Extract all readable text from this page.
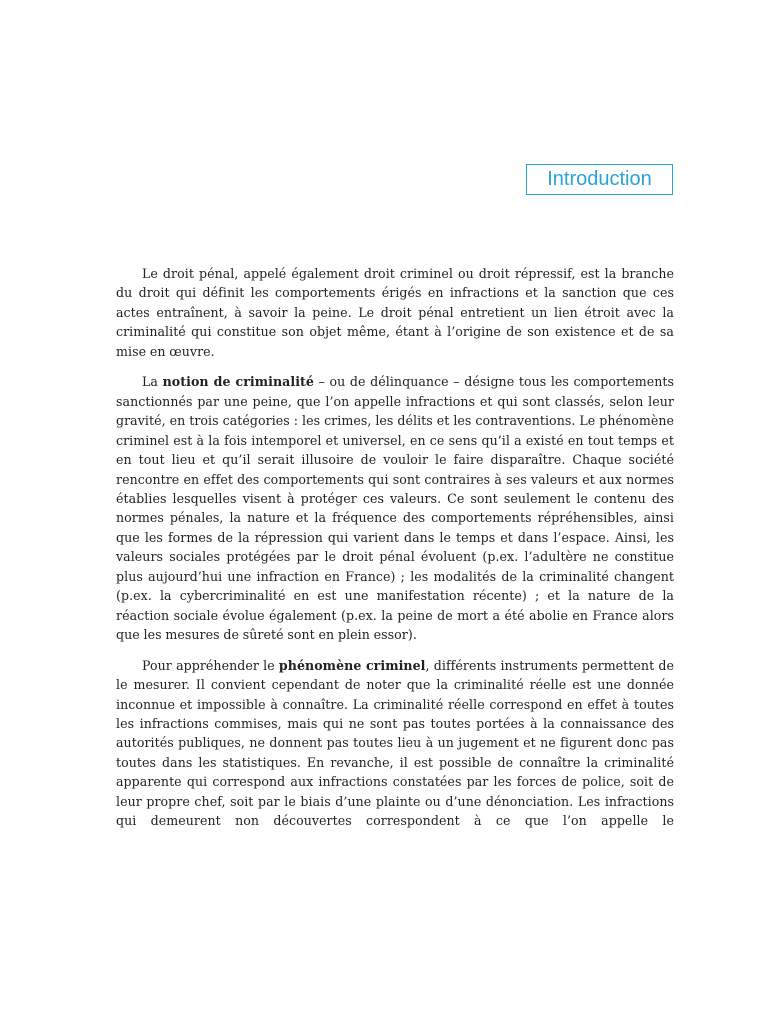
Introduction

Le droit pénal, appelé également droit criminel ou droit répressif, est la branche du droit qui définit les comportements érigés en infractions et la sanction que ces actes entraînent, à savoir la peine. Le droit pénal entretient un lien étroit avec la criminalité qui constitue son objet même, étant à l’origine de son existence et de sa mise en œuvre.

La notion de criminalité – ou de délinquance – désigne tous les comportements sanctionnés par une peine, que l’on appelle infractions et qui sont classés, selon leur gravité, en trois catégories : les crimes, les délits et les contraventions. Le phénomène criminel est à la fois intemporel et universel, en ce sens qu’il a existé en tout temps et en tout lieu et qu’il serait illusoire de vouloir le faire disparaître. Chaque société rencontre en effet des comportements qui sont contraires à ses valeurs et aux normes établies lesquelles visent à protéger ces valeurs. Ce sont seulement le contenu des normes pénales, la nature et la fréquence des comportements répréhensibles, ainsi que les formes de la répression qui varient dans le temps et dans l’espace. Ainsi, les valeurs sociales protégées par le droit pénal évoluent (p.ex. l’adultère ne constitue plus aujourd’hui une infraction en France) ; les modalités de la criminalité changent (p.ex. la cybercriminalité en est une manifestation récente) ; et la nature de la réaction sociale évolue également (p.ex. la peine de mort a été abolie en France alors que les mesures de sûreté sont en plein essor).

Pour appréhender le phénomène criminel, différents instruments permettent de le mesurer. Il convient cependant de noter que la criminalité réelle est une donnée inconnue et impossible à connaître. La criminalité réelle correspond en effet à toutes les infractions commises, mais qui ne sont pas toutes portées à la connaissance des autorités publiques, ne donnent pas toutes lieu à un jugement et ne figurent donc pas toutes dans les statistiques. En revanche, il est possible de connaître la criminalité apparente qui correspond aux infractions constatées par les forces de police, soit de leur propre chef, soit par le biais d’une plainte ou d’une dénonciation. Les infractions qui demeurent non découvertes correspondent à ce que l’on appelle le
